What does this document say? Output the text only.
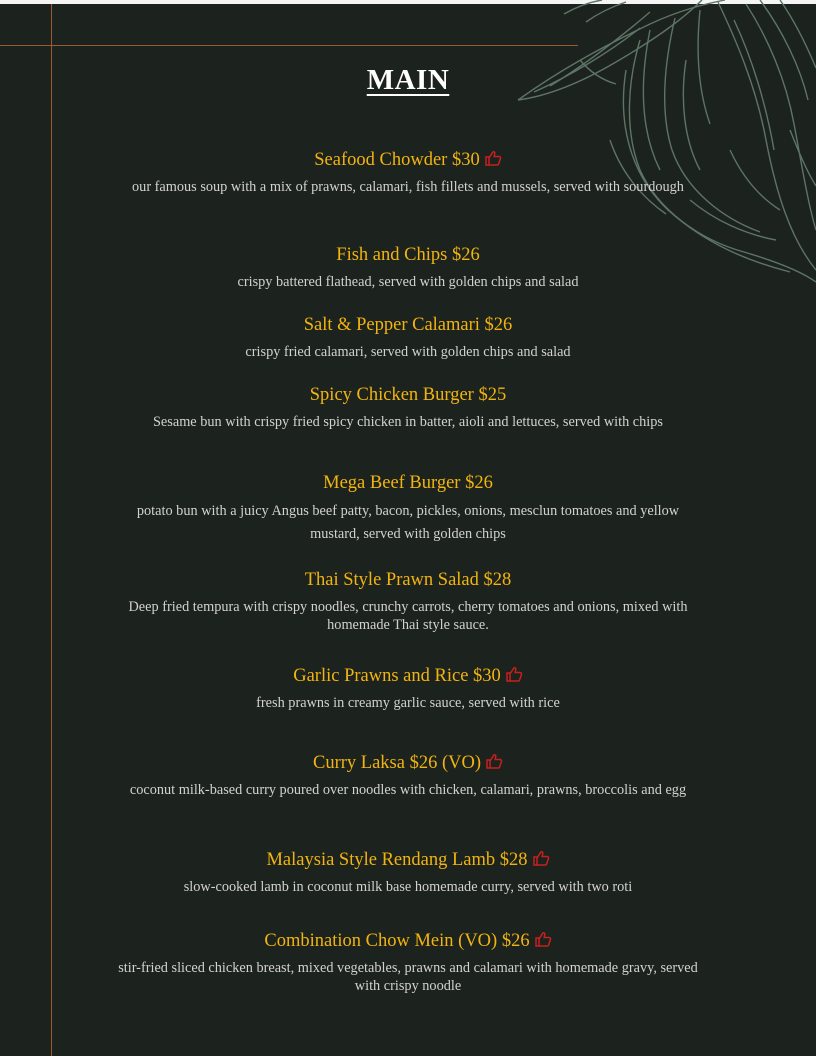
MAIN
Seafood Chowder $30
our famous soup with a mix of prawns, calamari, fish fillets and mussels, served with sourdough
Fish and Chips $26
crispy battered flathead, served with golden chips and salad
Salt & Pepper Calamari $26
crispy fried calamari, served with golden chips and salad
Spicy Chicken Burger $25
Sesame bun with crispy fried spicy chicken in batter, aioli and lettuces, served with chips
Mega Beef Burger $26
potato bun with a juicy Angus beef patty, bacon, pickles, onions, mesclun tomatoes and yellow mustard, served with golden chips
Thai Style Prawn Salad $28
Deep fried tempura with crispy noodles, crunchy carrots, cherry tomatoes and onions, mixed with homemade Thai style sauce.
Garlic Prawns and Rice $30
fresh prawns in creamy garlic sauce, served with rice
Curry Laksa $26 (VO)
coconut milk-based curry poured over noodles with chicken, calamari, prawns, broccolis and egg
Malaysia Style Rendang Lamb $28
slow-cooked lamb in coconut milk base homemade curry, served with two roti
Combination Chow Mein (VO) $26
stir-fried sliced chicken breast, mixed vegetables, prawns and calamari with homemade gravy, served with crispy noodle
